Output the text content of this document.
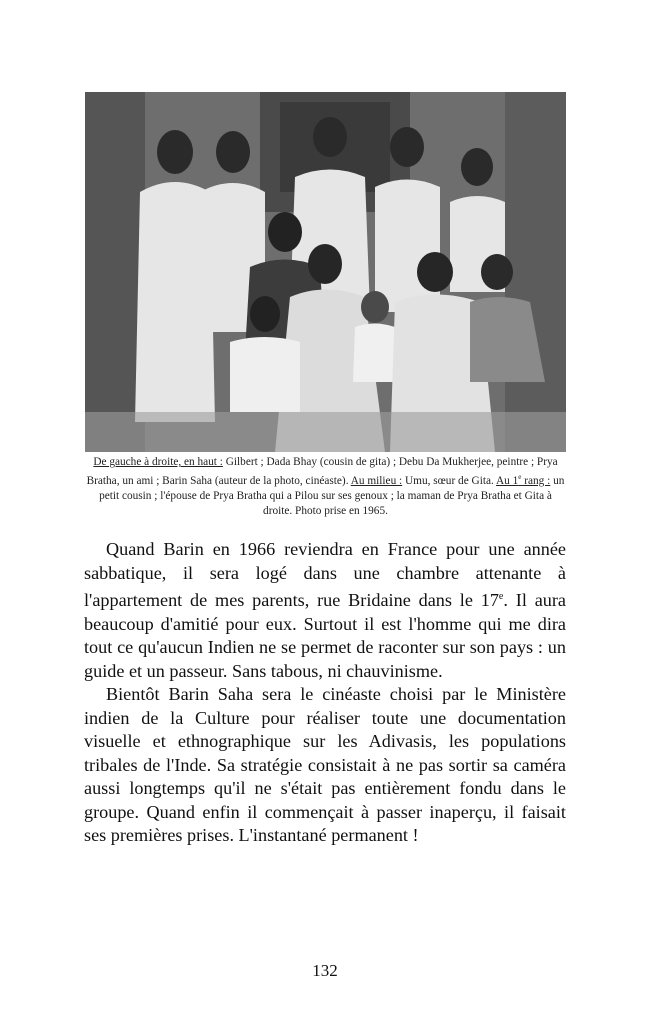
De gauche à droite, en haut : Gilbert ; Dada Bhay (cousin de gita) ; Debu Da Mukherjee, peintre ; Prya Bratha, un ami ; Barin Saha (auteur de la photo, cinéaste). Au milieu : Umu, sœur de Gita. Au 1e rang : un petit cousin ; l'épouse de Prya Bratha qui a Pilou sur ses genoux ; la maman de Prya Bratha et Gita à droite. Photo prise en 1965.

Quand Barin en 1966 reviendra en France pour une année sabbatique, il sera logé dans une chambre attenante à l'appartement de mes parents, rue Bridaine dans le 17e. Il aura beaucoup d'amitié pour eux. Surtout il est l'homme qui me dira tout ce qu'aucun Indien ne se permet de raconter sur son pays : un guide et un passeur. Sans tabous, ni chauvinisme.

Bientôt Barin Saha sera le cinéaste choisi par le Ministère indien de la Culture pour réaliser toute une documentation visuelle et ethnographique sur les Adivasis, les populations tribales de l'Inde. Sa stratégie consistait à ne pas sortir sa caméra aussi longtemps qu'il ne s'était pas entièrement fondu dans le groupe. Quand enfin il commençait à passer inaperçu, il faisait ses premières prises. L'instantané permanent !

132
